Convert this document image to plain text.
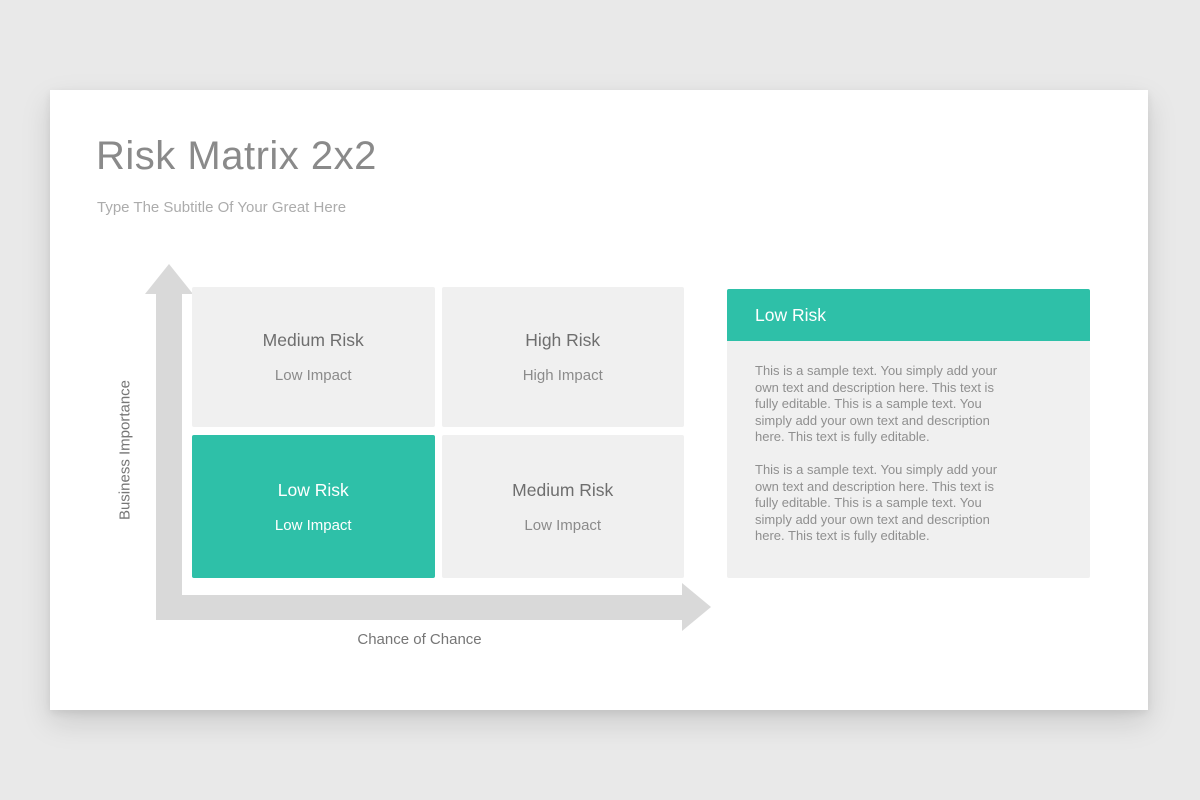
Risk Matrix 2x2

Type The Subtitle Of Your Great Here

Business Importance
Chance of Chance
Medium Risk
Low Impact
High Risk
High Impact
Low Risk
Low Impact
Medium Risk
Low Impact
Low Risk

This is a sample text. You simply add your own text and description here. This text is fully editable. This is a sample text. You simply add your own text and description here. This text is fully editable.

This is a sample text. You simply add your own text and description here. This text is fully editable. This is a sample text. You simply add your own text and description here. This text is fully editable.
